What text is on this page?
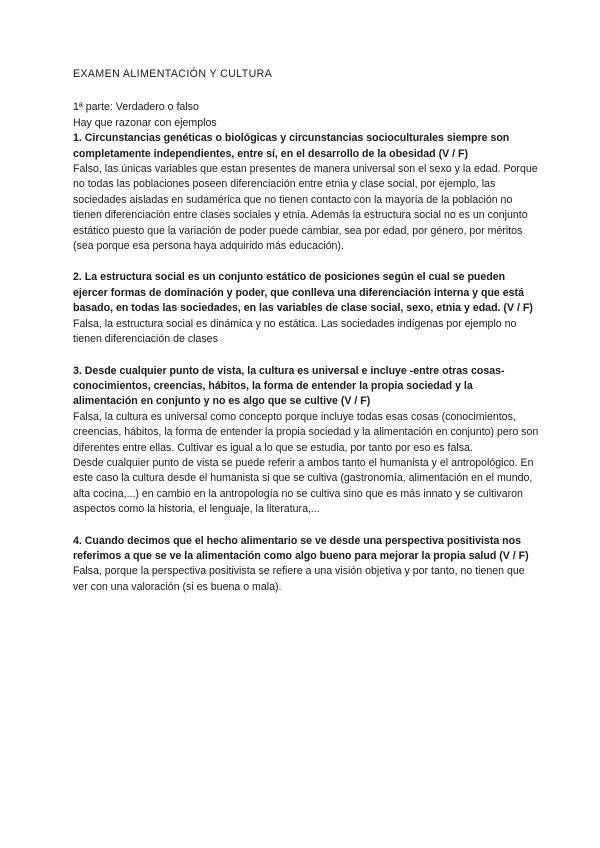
EXAMEN ALIMENTACIÓN Y CULTURA

1ª parte: Verdadero o falso

Hay que razonar con ejemplos

1. Circunstancias genéticas o biológicas y circunstancias socioculturales siempre son completamente independientes, entre sí, en el desarrollo de la obesidad (V / F)

Falso, las únicas variables que estan presentes de manera universal son el sexo y la edad. Porque no todas las poblaciones poseen diferenciación entre etnia y clase social, por ejemplo, las sociedades aisladas en sudamérica que no tienen contacto con la mayoría de la población no tienen diferenciación entre clases sociales y etnia. Además la estructura social no es un conjunto estático puesto que la variación de poder puede cambiar, sea por edad, por género, por méritos (sea porque esa persona haya adquirido más educación).

2. La estructura social es un conjunto estático de posiciones según el cual se pueden ejercer formas de dominación y poder, que conlleva una diferenciación interna y que está basado, en todas las sociedades, en las variables de clase social, sexo, etnia y edad. (V / F)

Falsa, la estructura social es dinámica y no estática. Las sociedades indígenas por ejemplo no tienen diferenciación de clases

3. Desde cualquier punto de vista, la cultura es universal e incluye -entre otras cosas- conocimientos, creencias, hábitos, la forma de entender la propia sociedad y la alimentación en conjunto y no es algo que se cultive (V / F)

Falsa, la cultura es universal como concepto porque incluye todas esas cosas (conocimientos, creencias, hábitos, la forma de entender la propia sociedad y la alimentación en conjunto) pero son diferentes entre ellas. Cultivar es igual a lo que se estudia, por tanto por eso es falsa.

Desde cualquier punto de vista se puede referir a ambos tanto el humanista y el antropológico. En este caso la cultura desde el humanista si que se cultiva (gastronomía, alimentación en el mundo, alta cocina,...) en cambio en la antropología no se cultiva sino que es más innato y se cultivaron aspectos como la historia, el lenguaje, la literatura,...

4. Cuando decimos que el hecho alimentario se ve desde una perspectiva positivista nos referimos a que se ve la alimentación como algo bueno para mejorar la propia salud (V / F)

Falsa, porque la perspectiva positivista se refiere a una visión objetiva y por tanto, no tienen que ver con una valoración (si es buena o mala).
